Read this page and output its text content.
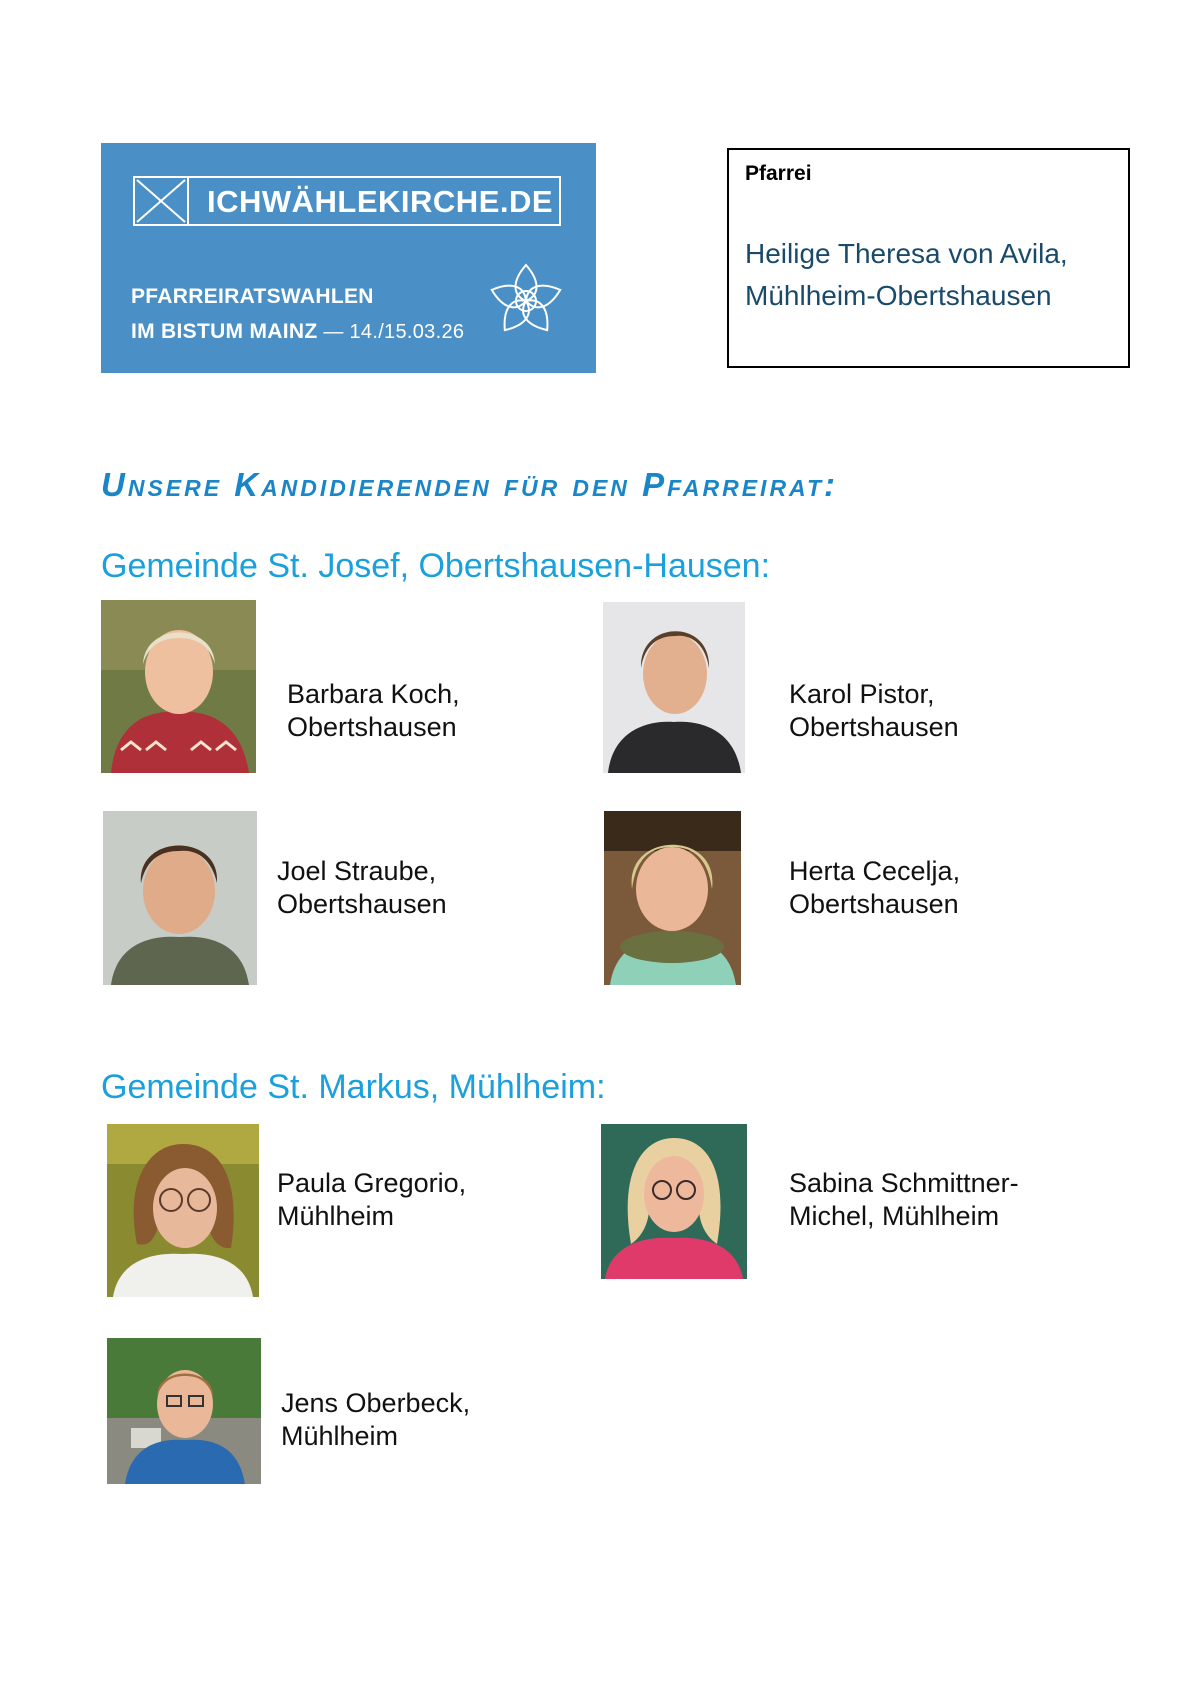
ICHWÄHLEKIRCHE.DE
PFARREIRATSWAHLEN
IM BISTUM MAINZ — 14./15.03.26
Pfarrei
Heilige Theresa von Avila,
Mühlheim-Obertshausen
Unsere Kandidierenden für den Pfarreirat:
Gemeinde St. Josef, Obertshausen-Hausen:
Barbara Koch,
Obertshausen
Karol Pistor,
Obertshausen
Joel Straube,
Obertshausen
Herta Cecelja,
Obertshausen
Gemeinde St. Markus, Mühlheim:
Paula Gregorio,
Mühlheim
Sabina Schmittner-
Michel, Mühlheim
Jens Oberbeck,
Mühlheim
